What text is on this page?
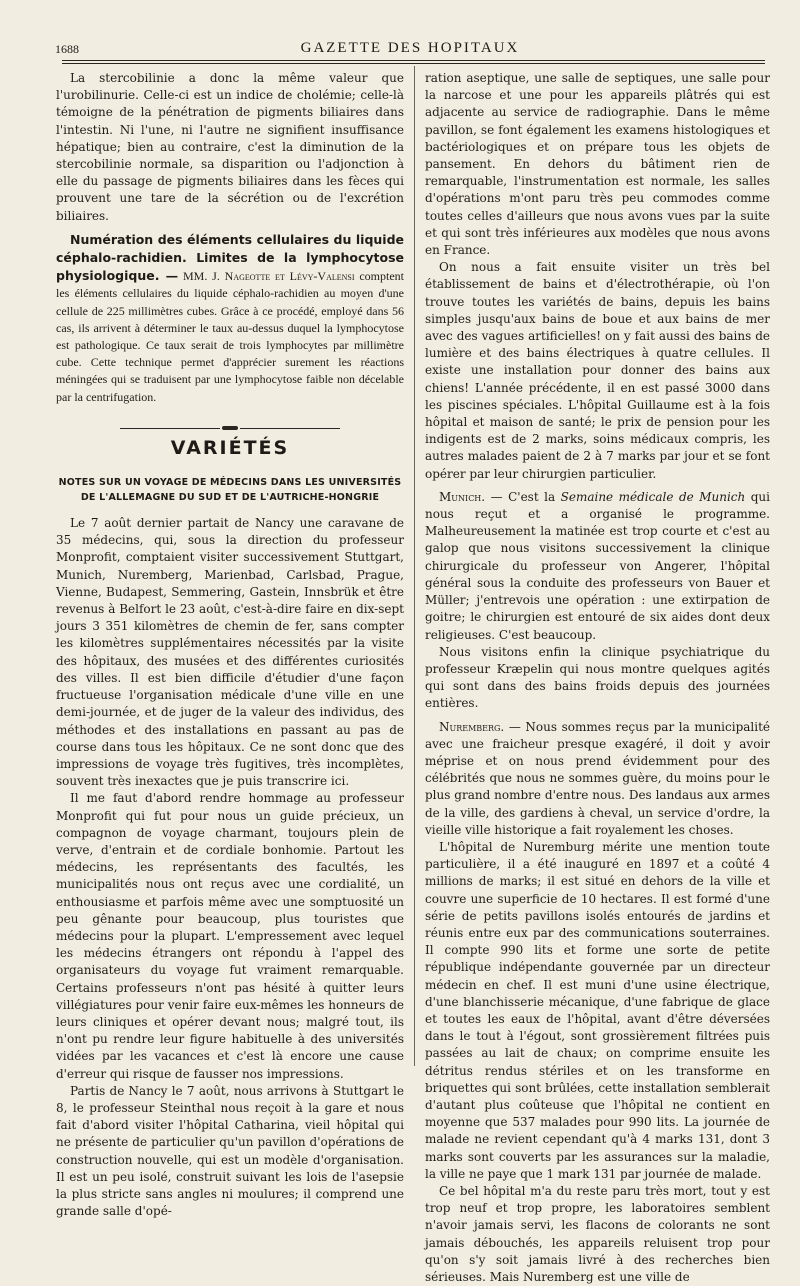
1688	GAZETTE DES HOPITAUX

La stercobilinie a donc la même valeur que l'urobilinurie. Celle-ci est un indice de cholémie; celle-là témoigne de la pénétration de pigments biliaires dans l'intestin. Ni l'une, ni l'autre ne signifient insuffisance hépatique; bien au contraire, c'est la diminution de la stercobilinie normale, sa disparition ou l'adjonction à elle du passage de pigments biliaires dans les fèces qui prouvent une tare de la sécrétion ou de l'excrétion biliaires.

Numération des éléments cellulaires du liquide céphalo-rachidien. Limites de la lymphocytose physiologique. — MM. J. Nageotte et Lévy-Valensi comptent les éléments cellulaires du liquide céphalo-rachidien au moyen d'une cellule de 225 millimètres cubes. Grâce à ce procédé, employé dans 56 cas, ils arrivent à déterminer le taux au-dessus duquel la lymphocytose est pathologique. Ce taux serait de trois lymphocytes par millimètre cube. Cette technique permet d'apprécier surement les réactions méningées qui se traduisent par une lymphocytose faible non décelable par la centrifugation.

VARIÉTÉS
NOTES SUR UN VOYAGE DE MÉDECINS DANS LES UNIVERSITÉS DE L'ALLEMAGNE DU SUD ET DE L'AUTRICHE-HONGRIE

Le 7 août dernier partait de Nancy une caravane de 35 médecins, qui, sous la direction du professeur Monprofit, comptaient visiter successivement Stuttgart, Munich, Nuremberg, Marienbad, Carlsbad, Prague, Vienne, Budapest, Semmering, Gastein, Innsbrük et être revenus à Belfort le 23 août, c'est-à-dire faire en dix-sept jours 3 351 kilomètres de chemin de fer, sans compter les kilomètres supplémentaires nécessités par la visite des hôpitaux, des musées et des différentes curiosités des villes. Il est bien difficile d'étudier d'une façon fructueuse l'organisation médicale d'une ville en une demi-journée, et de juger de la valeur des individus, des méthodes et des installations en passant au pas de course dans tous les hôpitaux. Ce ne sont donc que des impressions de voyage très fugitives, très incomplètes, souvent très inexactes que je puis transcrire ici.

Il me faut d'abord rendre hommage au professeur Monprofit qui fut pour nous un guide précieux, un compagnon de voyage charmant, toujours plein de verve, d'entrain et de cordiale bonhomie. Partout les médecins, les représentants des facultés, les municipalités nous ont reçus avec une cordialité, un enthousiasme et parfois même avec une somptuosité un peu gênante pour beaucoup, plus touristes que médecins pour la plupart. L'empressement avec lequel les médecins étrangers ont répondu à l'appel des organisateurs du voyage fut vraiment remarquable. Certains professeurs n'ont pas hésité à quitter leurs villégiatures pour venir faire eux-mêmes les honneurs de leurs cliniques et opérer devant nous; malgré tout, ils n'ont pu rendre leur figure habituelle à des universités vidées par les vacances et c'est là encore une cause d'erreur qui risque de fausser nos impressions.

Partis de Nancy le 7 août, nous arrivons à Stuttgart le 8, le professeur Steinthal nous reçoit à la gare et nous fait d'abord visiter l'hôpital Catharina, vieil hôpital qui ne présente de particulier qu'un pavillon d'opérations de construction nouvelle, qui est un modèle d'organisation. Il est un peu isolé, construit suivant les lois de l'asepsie la plus stricte sans angles ni moulures; il comprend une grande salle d'opé-

ration aseptique, une salle de septiques, une salle pour la narcose et une pour les appareils plâtrés qui est adjacente au service de radiographie. Dans le même pavillon, se font également les examens histologiques et bactériologiques et on prépare tous les objets de pansement. En dehors du bâtiment rien de remarquable, l'instrumentation est normale, les salles d'opérations m'ont paru très peu commodes comme toutes celles d'ailleurs que nous avons vues par la suite et qui sont très inférieures aux modèles que nous avons en France.

On nous a fait ensuite visiter un très bel établissement de bains et d'électrothérapie, où l'on trouve toutes les variétés de bains, depuis les bains simples jusqu'aux bains de boue et aux bains de mer avec des vagues artificielles! on y fait aussi des bains de lumière et des bains électriques à quatre cellules. Il existe une installation pour donner des bains aux chiens! L'année précédente, il en est passé 3000 dans les piscines spéciales. L'hôpital Guillaume est à la fois hôpital et maison de santé; le prix de pension pour les indigents est de 2 marks, soins médicaux compris, les autres malades paient de 2 à 7 marks par jour et se font opérer par leur chirurgien particulier.

Munich. — C'est la Semaine médicale de Munich qui nous reçut et a organisé le programme. Malheureusement la matinée est trop courte et c'est au galop que nous visitons successivement la clinique chirurgicale du professeur von Angerer, l'hôpital général sous la conduite des professeurs von Bauer et Müller; j'entrevois une opération : une extirpation de goitre; le chirurgien est entouré de six aides dont deux religieuses. C'est beaucoup.

Nous visitons enfin la clinique psychiatrique du professeur Kræpelin qui nous montre quelques agités qui sont dans des bains froids depuis des journées entières.

Nuremberg. — Nous sommes reçus par la municipalité avec une fraicheur presque exagéré, il doit y avoir méprise et on nous prend évidemment pour des célébrités que nous ne sommes guère, du moins pour le plus grand nombre d'entre nous. Des landaus aux armes de la ville, des gardiens à cheval, un service d'ordre, la vieille ville historique a fait royalement les choses.

L'hôpital de Nuremburg mérite une mention toute particulière, il a été inauguré en 1897 et a coûté 4 millions de marks; il est situé en dehors de la ville et couvre une superficie de 10 hectares. Il est formé d'une série de petits pavillons isolés entourés de jardins et réunis entre eux par des communications souterraines. Il compte 990 lits et forme une sorte de petite république indépendante gouvernée par un directeur médecin en chef. Il est muni d'une usine électrique, d'une blanchisserie mécanique, d'une fabrique de glace et toutes les eaux de l'hôpital, avant d'être déversées dans le tout à l'égout, sont grossièrement filtrées puis passées au lait de chaux; on comprime ensuite les détritus rendus stériles et on les transforme en briquettes qui sont brûlées, cette installation semblerait d'autant plus coûteuse que l'hôpital ne contient en moyenne que 537 malades pour 990 lits. La journée de malade ne revient cependant qu'à 4 marks 131, dont 3 marks sont couverts par les assurances sur la maladie, la ville ne paye que 1 mark 131 par journée de malade.

Ce bel hôpital m'a du reste paru très mort, tout y est trop neuf et trop propre, les laboratoires semblent n'avoir jamais servi, les flacons de colorants ne sont jamais débouchés, les appareils reluisent trop pour qu'on s'y soit jamais livré à des recherches bien sérieuses. Mais Nuremberg est une ville de
